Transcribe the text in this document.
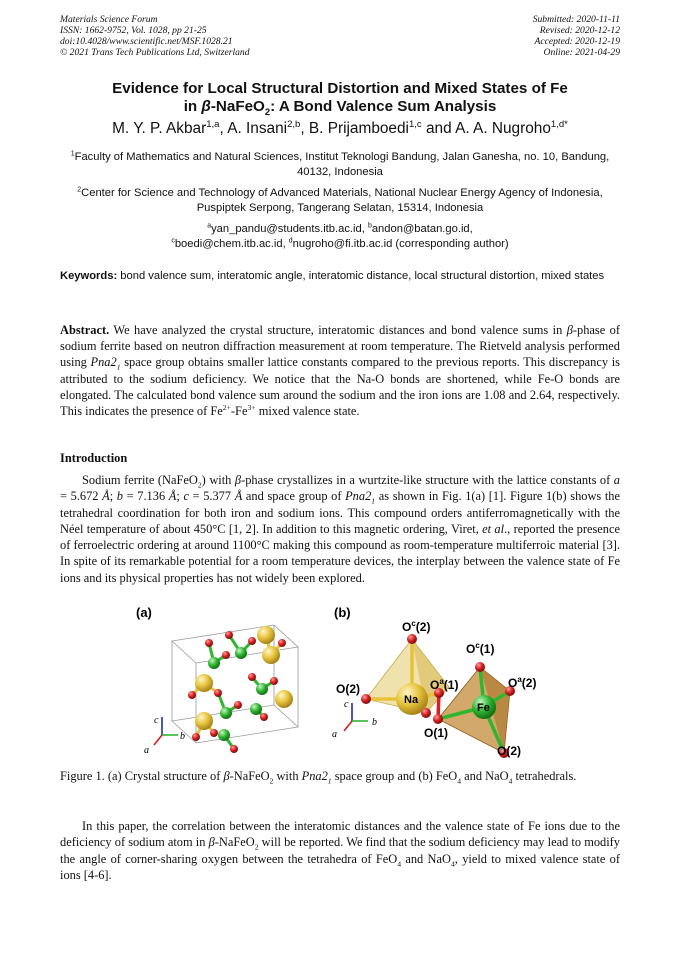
Materials Science Forum
ISSN: 1662-9752, Vol. 1028, pp 21-25
doi:10.4028/www.scientific.net/MSF.1028.21
© 2021 Trans Tech Publications Ltd, Switzerland
Submitted: 2020-11-11
Revised: 2020-12-12
Accepted: 2020-12-19
Online: 2021-04-29
Evidence for Local Structural Distortion and Mixed States of Fe
in β-NaFeO$_2$: A Bond Valence Sum Analysis
M. Y. P. Akbar$^{1,a}$, A. Insani$^{2,b}$, B. Prijamboedi$^{1,c}$ and A. A. Nugroho$^{1,d*}$
$^1$Faculty of Mathematics and Natural Sciences, Institut Teknologi Bandung, Jalan Ganesha, no. 10, Bandung, 40132, Indonesia
$^2$Center for Science and Technology of Advanced Materials, National Nuclear Energy Agency of Indonesia, Puspiptek Serpong, Tangerang Selatan, 15314, Indonesia
$^a$yan_pandu@students.itb.ac.id, $^b$andon@batan.go.id,
$^c$boedi@chem.itb.ac.id, $^d$nugroho@fi.itb.ac.id (corresponding author)
Keywords: bond valence sum, interatomic angle, interatomic distance, local structural distortion, mixed states
Abstract. We have analyzed the crystal structure, interatomic distances and bond valence sums in β-phase of sodium ferrite based on neutron diffraction measurement at room temperature. The Rietveld analysis performed using $Pna2_1$ space group obtains smaller lattice constants compared to the previous reports. This discrepancy is attributed to the sodium deficiency. We notice that the Na-O bonds are shortened, while Fe-O bonds are elongated. The calculated bond valence sum around the sodium and the iron ions are 1.08 and 2.64, respectively. This indicates the presence of $Fe^{2+}-Fe^{3+}$ mixed valence state.
Introduction
Sodium ferrite (NaFeO$_2$) with β-phase crystallizes in a wurtzite-like structure with the lattice constants of a = 5.672 Å; b = 7.136 Å; c = 5.377 Å and space group of $Pna2_1$ as shown in Fig. 1(a) [1]. Figure 1(b) shows the tetrahedral coordination for both iron and sodium ions. This compound orders antiferromagnetically with the Néel temperature of about 450°C [1, 2]. In addition to this magnetic ordering, Viret, et al., reported the presence of ferroelectric ordering at around 1100°C making this compound as room-temperature multiferroic material [3]. In spite of its remarkable potential for a room temperature devices, the interplay between the valence state of Fe ions and its physical properties has not widely been explored.
(a)
c
b
a
(b)
$O^c(2)$
$O^c(1)$
O(2)
Na
$O^a(1)$	$O^a(2)$
Fe
O(1)
O(2)
c
b
a
Figure 1. (a) Crystal structure of β-NaFeO$_2$ with $Pna2_1$ space group and (b) FeO$_4$ and NaO$_4$ tetrahedrals.
In this paper, the correlation between the interatomic distances and the valence state of Fe ions due to the deficiency of sodium atom in β-NaFeO$_2$ will be reported. We find that the sodium deficiency may lead to modify the angle of corner-sharing oxygen between the tetrahedra of FeO$_4$ and NaO$_4$, yield to mixed valence state of ions [4-6].
